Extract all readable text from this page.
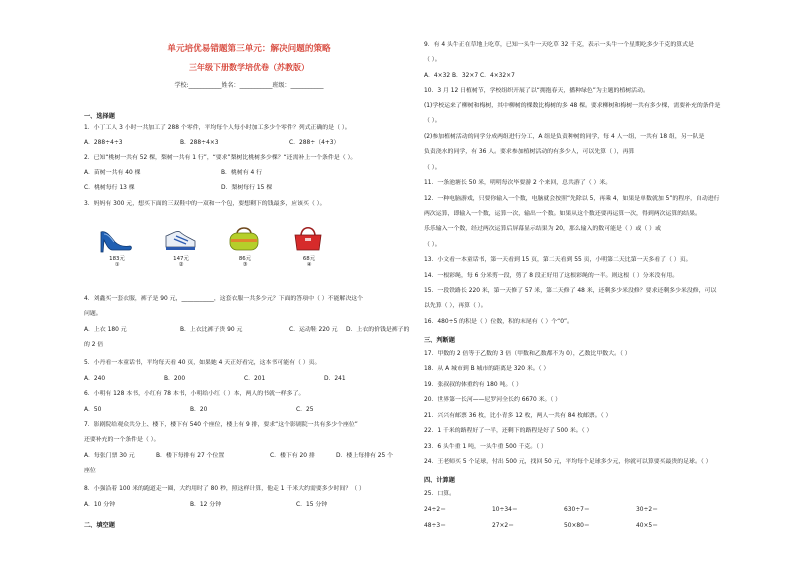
单元培优易错题第三单元：解决问题的策略
三年级下册数学培优卷（苏教版）
学校:___________姓名：___________班级：___________
一、选择题
1．小丁工人 3 小时一共加工了 288 个零件，平均每个人每小时加工多少个零件？列式正确的是（ ）。
A．288÷4÷3	B．288÷4×3	C．288÷（4+3）
2．已知“桃树一共有 52 棵，梨树一共有 1 行”，“要求”梨树比桃树多少棵？“还需补上一个条件是（ ）。
A．苗树一共有 40 棵	B．桃树有 4 行
C．桃树每行 13 棵	D．梨树每行 15 棵
3．妈妈有 300 元，想买下面的三双鞋中的一双和一个包，要想剩下的钱最多，应该买（ ）。
183元
①
147元
②
86元
③
68元
④
4．刘鑫买一套衣服，裤子是 90 元，___________，这套衣服一共多少元？下面的答项中（ ）不能解决这个
问题。
A．上衣 180 元	B．上衣比裤子贵 90 元	C．运动鞋 220 元 D．上衣的价钱是裤子的
的 2 倍
5．小丹看一本童话书，平均每天看 40 页，如果她 4 天正好看完，这本书可能有（ ）页。
A．240	B．200	C．201	D．241
6．小明有 128 本书，小红有 78 本书，小明给小红（ ）本，两人的书就一样多了。
A．50	B．20	C．25
7．影剧院给观众共分上、楼下，楼下有 540 个座位，楼上有 9 排，要求“这个影剧院一共有多少个座位”
还要补充的一个条件是（ ）。
A．每张门票 30 元	B．楼下每排有 27 个位置	C．楼下有 20 排	D．楼上每排有 25 个
座位
8．小强沿着 100 米的跑道走一圈，大约用时了 80 秒，照这样计算，他走 1 千米大约需要多少时间？（ ）
A．10 分钟	B．12 分钟	C．15 分钟
二、填空题
9．有 4 头牛正在草地上吃草，已知一头牛一天吃草 32 千克，表示一头牛一个星期吃多少千克的算式是
（ ）。
A．4×32 B．32×7 C．4×32×7
10．3 月 12 日植树节，学校组织开展了以“拥抱春天，播种绿色”为主题的植树活动。
(1)学校运来了柳树和梅树，其中柳树的棵数比梅树的多 48 棵。要求柳树和梅树一共有多少棵，需要补充的条件是
（ ）。
(2)参加植树活动的同学分成两组进行分工，A 组是负责种树的同学，每 4 人一组，一共有 18 组，另一队是
负责浇水的同学，有 36 人。要求参加植树活动的有多少人，可以先算（ ），再算
（ ）。
11．一条池塘长 50 米，明明每次毕要游 2 个来回，总共游了（ ）米。
12．一种电脑游戏，只要你输入一个数，电脑就会按照“先除以 5，再乘 4，如果是单数就加 5”的程序，自动进行
两次运算，即输入一个数，运算一次，输出一个数。如果从这个数还要再运算一次，得到两次运算的结果。
乐乐输入一个数，经过两次运算后屏幕显示结果为 20，那么输入的数可能是（ ）或（ ）或
（ ）。
13．小文看一本童话书，第一天看到 15 页，第二天看到 55 页，小明第二天比第一天多看了（ ）页。
14．一根彩绳，每 6 分米剪一段，剪了 8 段正好用了这根彩绳的一半。则这根（ ）分米没有用。
15．一段铁路长 220 米，第一天修了 57 米，第二天修了 48 米，还剩多少米没修？要求还剩多少米没修，可以
以先算（ ），再算（ ）。
16．480÷5 的积是（ ）位数，积的末尾有（ ）个“0”。
三、判断题
17．甲数的 2 倍等于乙数的 3 倍（甲数和乙数都不为 0），乙数比甲数大。（ ）
18．从 A 城市到 B 城市的距离是 320 米。（ ）
19．张叔叔的体重约有 180 吨。（ ）
20．世界第一长河——尼罗河全长约 6670 米。（ ）
21．兴兴有邮票 36 枚，比小青多 12 枚，两人一共有 84 枚邮票。（ ）
22．1 千米的路程好了一半，还剩下的路程是好了 500 米。（ ）
23．6 头牛重 1 吨，一头牛重 500 千克。（ ）
24．王老师买 5 个足球，付出 500 元，找回 50 元，平均每个足球多少元，你就可以算要买最贵的足球。（ ）
四、计算题
25．口算。
24÷2＝	10÷34＝	630÷7＝	30÷2＝
48÷3＝	27×2＝	50×80＝	40×5＝
